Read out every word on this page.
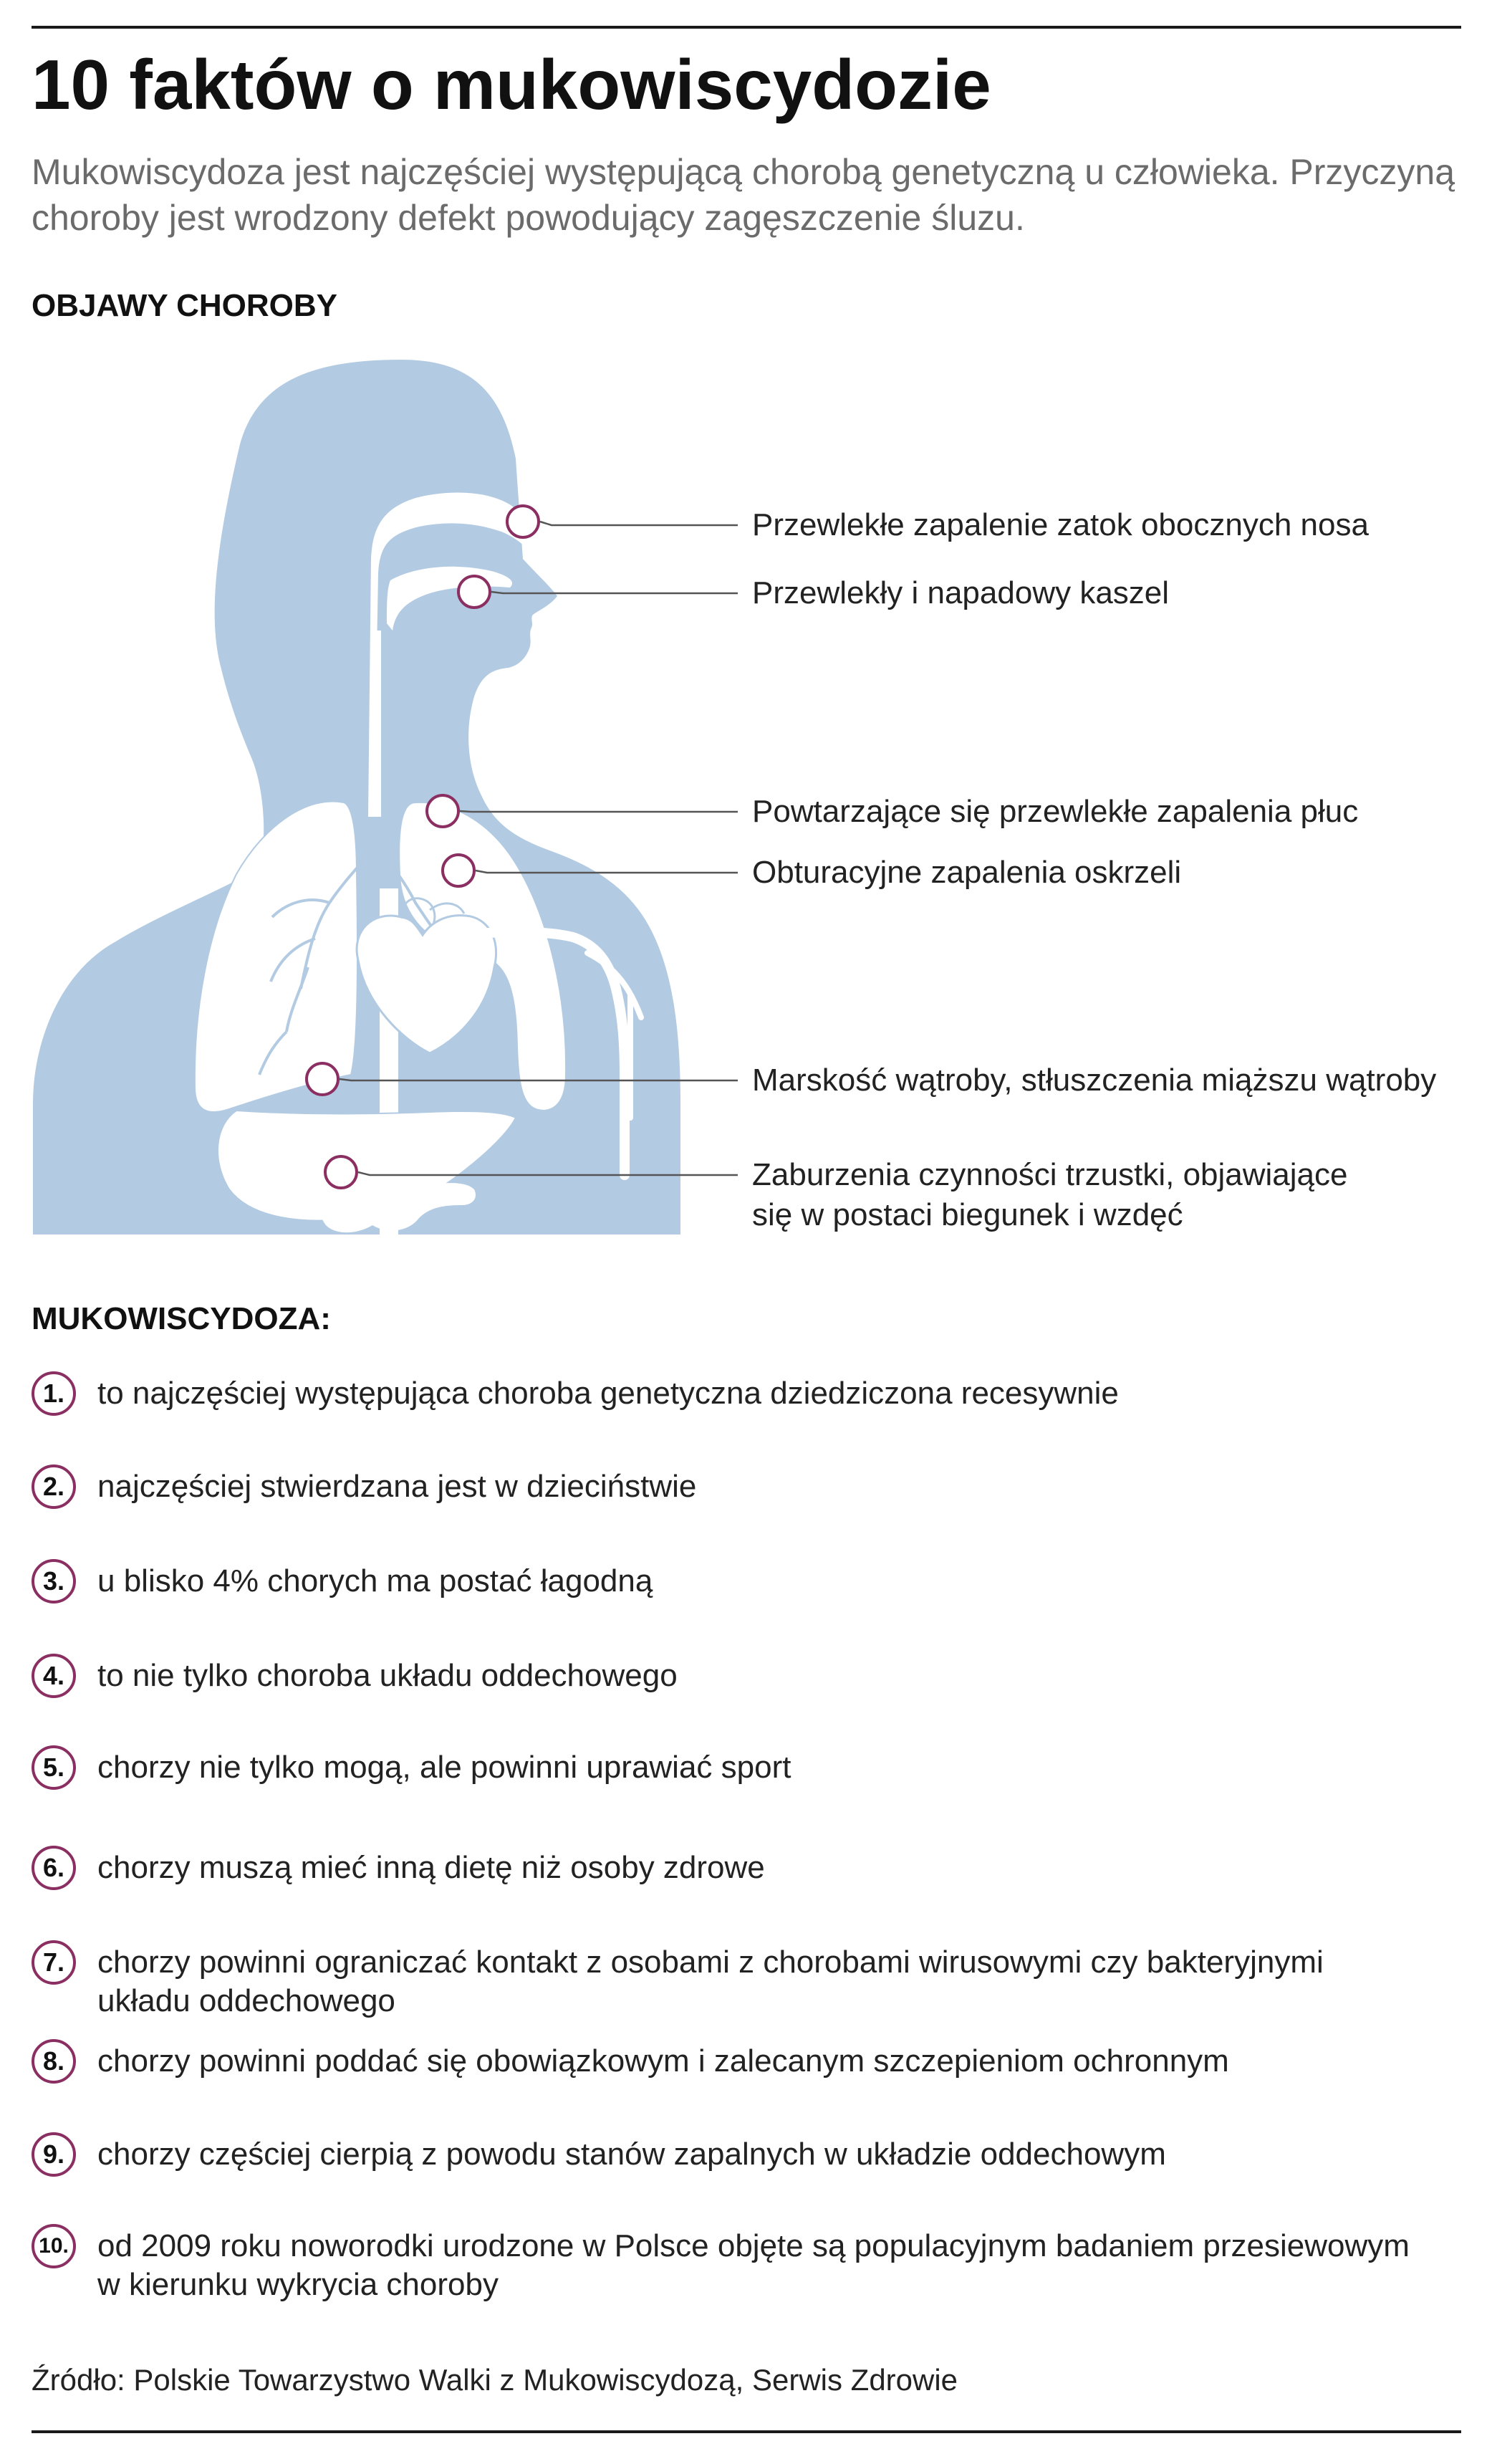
10 faktów o mukowiscydozie

Mukowiscydoza jest najczęściej występującą chorobą genetyczną u człowieka. Przyczyną choroby jest wrodzony defekt powodujący zagęszczenie śluzu.

OBJAWY CHOROBY
Przewlekłe zapalenie zatok obocznych nosa
Przewlekły i napadowy kaszel
Powtarzające się przewlekłe zapalenia płuc
Obturacyjne zapalenia oskrzeli
Marskość wątroby, stłuszczenia miąższu wątroby
Zaburzenia czynności trzustki, objawiające
się w postaci biegunek i wzdęć
MUKOWISCYDOZA:
1.	to najczęściej występująca choroba genetyczna dziedziczona recesywnie
2.	najczęściej stwierdzana jest w dzieciństwie
3.	u blisko 4% chorych ma postać łagodną
4.	to nie tylko choroba układu oddechowego
5.	chorzy nie tylko mogą, ale powinni uprawiać sport
6.	chorzy muszą mieć inną dietę niż osoby zdrowe
7.	chorzy powinni ograniczać kontakt z osobami z chorobami wirusowymi czy bakteryjnymi
układu oddechowego
8.	chorzy powinni poddać się obowiązkowym i zalecanym szczepieniom ochronnym
9.	chorzy częściej cierpią z powodu stanów zapalnych w układzie oddechowym
10. od 2009 roku noworodki urodzone w Polsce objęte są populacyjnym badaniem przesiewowym
w kierunku wykrycia choroby
Źródło: Polskie Towarzystwo Walki z Mukowiscydozą, Serwis Zdrowie
